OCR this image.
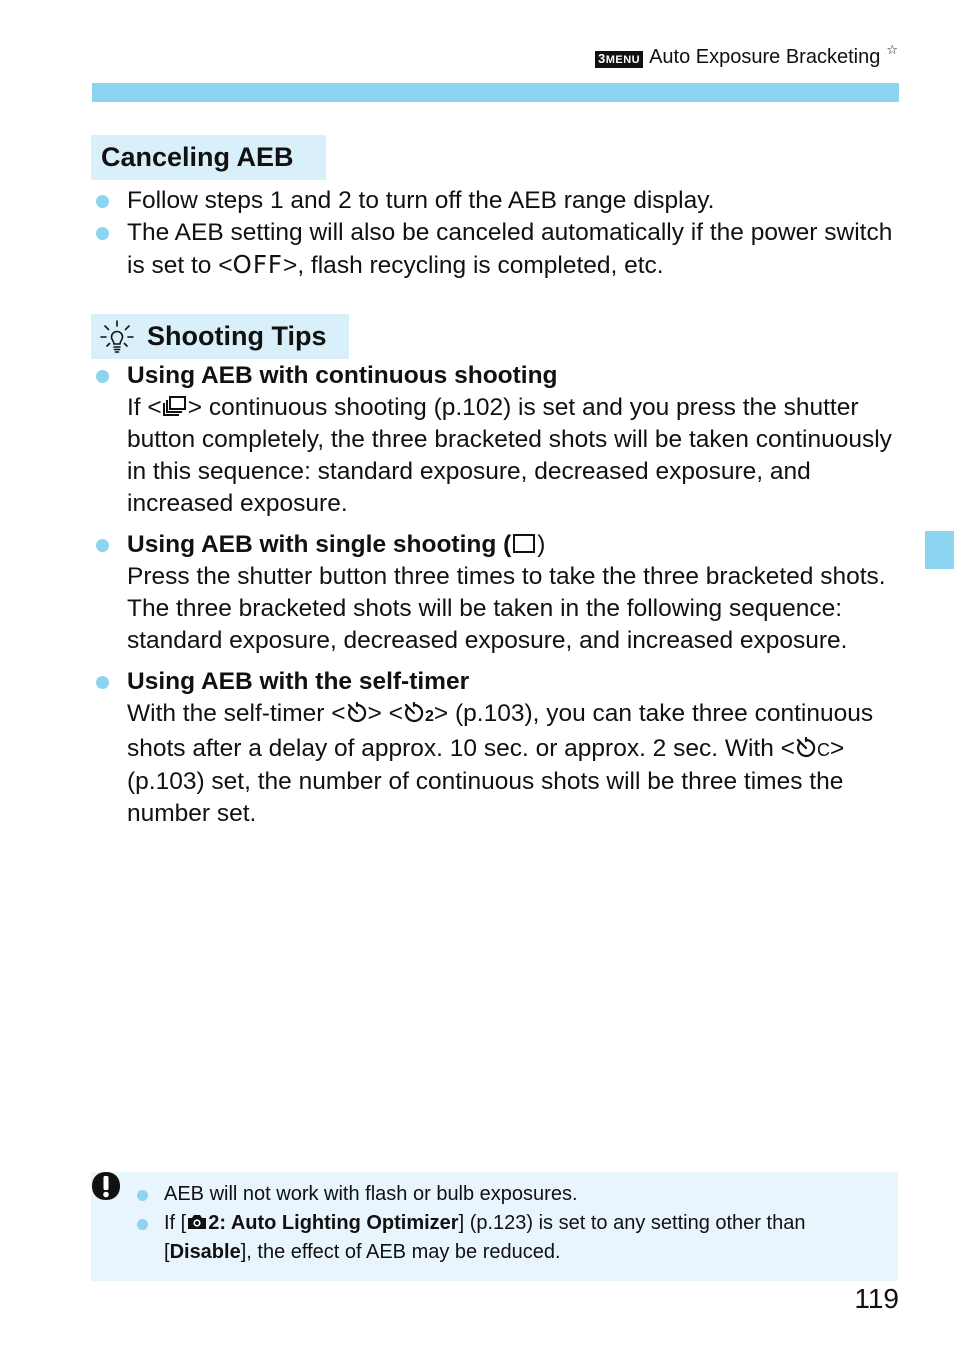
3MENU Auto Exposure Bracketing ☆
Canceling AEB
Follow steps 1 and 2 to turn off the AEB range display.
The AEB setting will also be canceled automatically if the power switch is set to <OFF>, flash recycling is completed, etc.
Shooting Tips
Using AEB with continuous shooting
If < > continuous shooting (p.102) is set and you press the shutter button completely, the three bracketed shots will be taken continuously in this sequence: standard exposure, decreased exposure, and increased exposure.
Using AEB with single shooting ( )
Press the shutter button three times to take the three bracketed shots. The three bracketed shots will be taken in the following sequence: standard exposure, decreased exposure, and increased exposure.
Using AEB with the self-timer
With the self-timer < > < 2> (p.103), you can take three continuous shots after a delay of approx. 10 sec. or approx. 2 sec. With < C> (p.103) set, the number of continuous shots will be three times the number set.
AEB will not work with flash or bulb exposures.
If [ 2: Auto Lighting Optimizer] (p.123) is set to any setting other than [Disable], the effect of AEB may be reduced.
119
